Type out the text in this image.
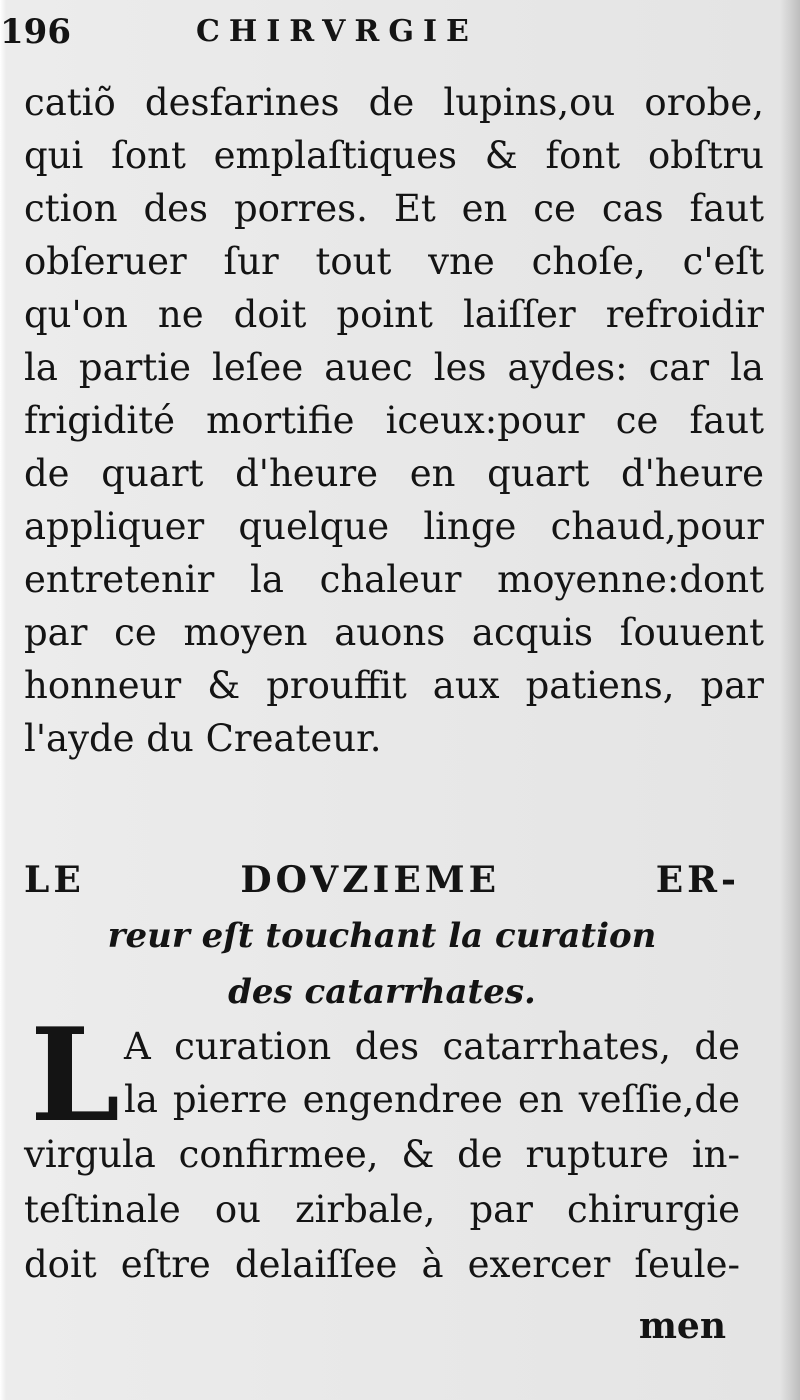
196	CHIRVRGIE
catiõ desfarines de lupins,ou orobe,
qui ſont emplaſtiques & font obſtru
ction des porres. Et en ce cas faut
obſeruer ſur tout vne choſe, c'eſt
qu'on ne doit point laiſſer refroidir
la partie leſee auec les aydes: car la
frigidité mortifie iceux:pour ce faut
de quart d'heure en quart d'heure
appliquer quelque linge chaud,pour
entretenir la chaleur moyenne:dont
par ce moyen auons acquis ſouuent
honneur & prouffit aux patiens, par
l'ayde du Createur.
LE DOVZIEME ER-
reur eſt touchant la curation
des catarrhates.
L A curation des catarrhates, de
la pierre engendree en veſſie,de
virgula confirmee, & de rupture in-
teſtinale ou zirbale, par chirurgie
doit eſtre delaiſſee à exercer ſeule-
men
